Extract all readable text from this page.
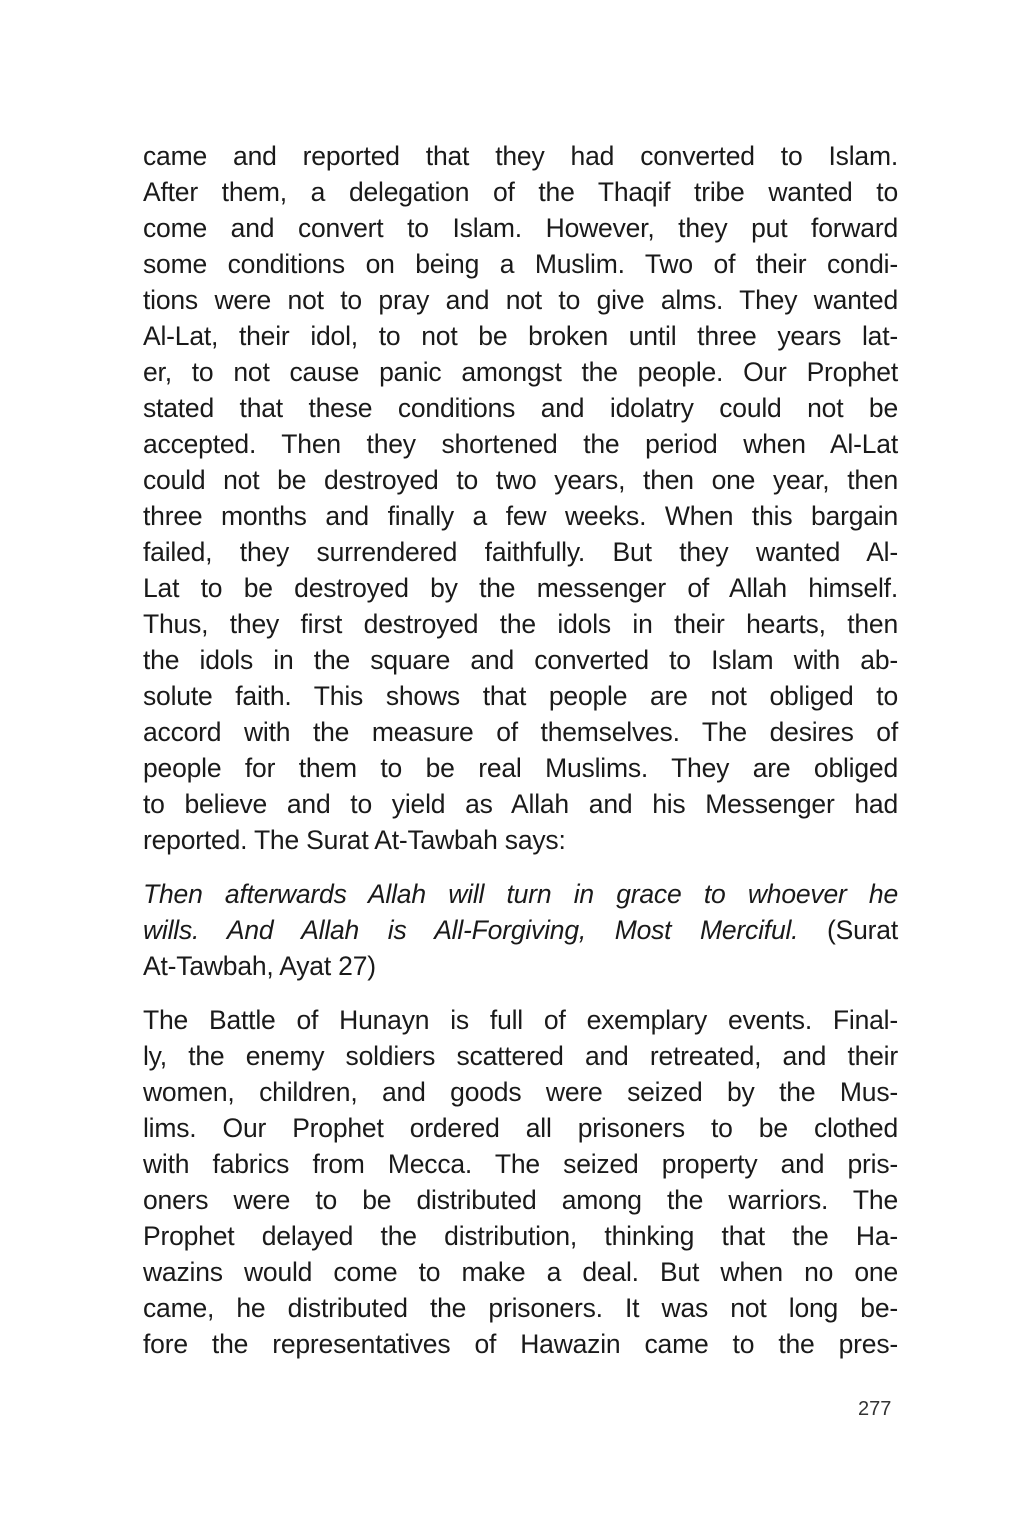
came and reported that they had converted to Islam.
After them, a delegation of the Thaqif tribe wanted to
come and convert to Islam. However, they put forward
some conditions on being a Muslim. Two of their condi-
tions were not to pray and not to give alms. They wanted
Al-Lat, their idol, to not be broken until three years lat-
er, to not cause panic amongst the people. Our Prophet
stated that these conditions and idolatry could not be
accepted. Then they shortened the period when Al-Lat
could not be destroyed to two years, then one year, then
three months and finally a few weeks. When this bargain
failed, they surrendered faithfully. But they wanted Al-
Lat to be destroyed by the messenger of Allah himself.
Thus, they first destroyed the idols in their hearts, then
the idols in the square and converted to Islam with ab-
solute faith. This shows that people are not obliged to
accord with the measure of themselves. The desires of
people for them to be real Muslims. They are obliged
to believe and to yield as Allah and his Messenger had
reported. The Surat At-Tawbah says:
Then afterwards Allah will turn in grace to whoever he
wills. And Allah is All-Forgiving, Most Merciful. (Surat
At-Tawbah, Ayat 27)
The Battle of Hunayn is full of exemplary events. Final-
ly, the enemy soldiers scattered and retreated, and their
women, children, and goods were seized by the Mus-
lims. Our Prophet ordered all prisoners to be clothed
with fabrics from Mecca. The seized property and pris-
oners were to be distributed among the warriors. The
Prophet delayed the distribution, thinking that the Ha-
wazins would come to make a deal. But when no one
came, he distributed the prisoners. It was not long be-
fore the representatives of Hawazin came to the pres-
277
